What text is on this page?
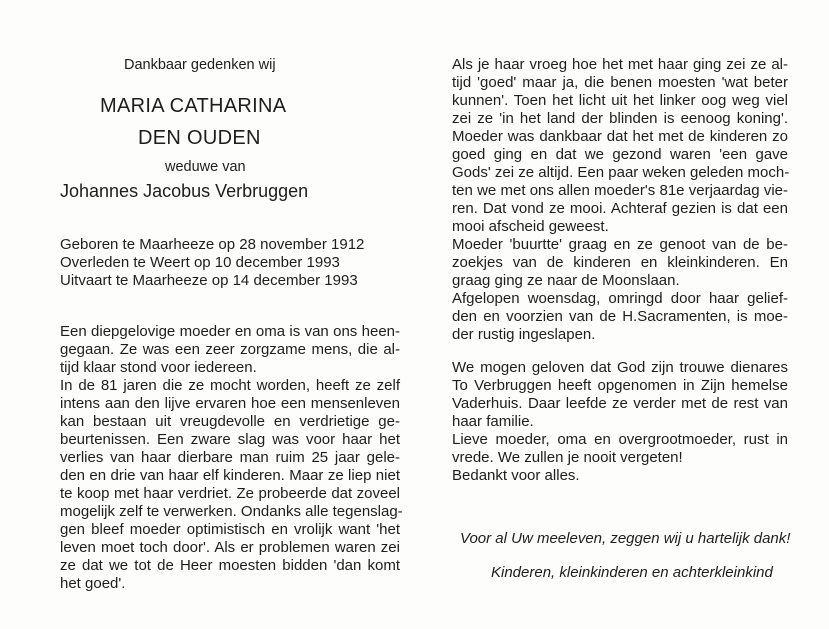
Dankbaar gedenken wij
MARIA CATHARINA
DEN OUDEN
weduwe van
Johannes Jacobus Verbruggen
Geboren te Maarheeze op 28 november 1912
Overleden te Weert op 10 december 1993
Uitvaart te Maarheeze op 14 december 1993
Een diepgelovige moeder en oma is van ons heen-
gegaan. Ze was een zeer zorgzame mens, die al-
tijd klaar stond voor iedereen.
In de 81 jaren die ze mocht worden, heeft ze zelf
intens aan den lijve ervaren hoe een mensenleven
kan bestaan uit vreugdevolle en verdrietige ge-
beurtenissen. Een zware slag was voor haar het
verlies van haar dierbare man ruim 25 jaar gele-
den en drie van haar elf kinderen. Maar ze liep niet
te koop met haar verdriet. Ze probeerde dat zoveel
mogelijk zelf te verwerken. Ondanks alle tegenslag-
gen bleef moeder optimistisch en vrolijk want 'het
leven moet toch door'. Als er problemen waren zei
ze dat we tot de Heer moesten bidden 'dan komt
het goed'.
Als je haar vroeg hoe het met haar ging zei ze al-
tijd 'goed' maar ja, die benen moesten 'wat beter
kunnen'. Toen het licht uit het linker oog weg viel
zei ze 'in het land der blinden is eenoog koning'.
Moeder was dankbaar dat het met de kinderen zo
goed ging en dat we gezond waren 'een gave
Gods' zei ze altijd. Een paar weken geleden moch-
ten we met ons allen moeder's 81e verjaardag vie-
ren. Dat vond ze mooi. Achteraf gezien is dat een
mooi afscheid geweest.
Moeder 'buurtte' graag en ze genoot van de be-
zoekjes van de kinderen en kleinkinderen. En
graag ging ze naar de Moonslaan.
Afgelopen woensdag, omringd door haar gelief-
den en voorzien van de H.Sacramenten, is moe-
der rustig ingeslapen.
We mogen geloven dat God zijn trouwe dienares
To Verbruggen heeft opgenomen in Zijn hemelse
Vaderhuis. Daar leefde ze verder met de rest van
haar familie.
Lieve moeder, oma en overgrootmoeder, rust in
vrede. We zullen je nooit vergeten!
Bedankt voor alles.
Voor al Uw meeleven, zeggen wij u hartelijk dank!
Kinderen, kleinkinderen en achterkleinkind
